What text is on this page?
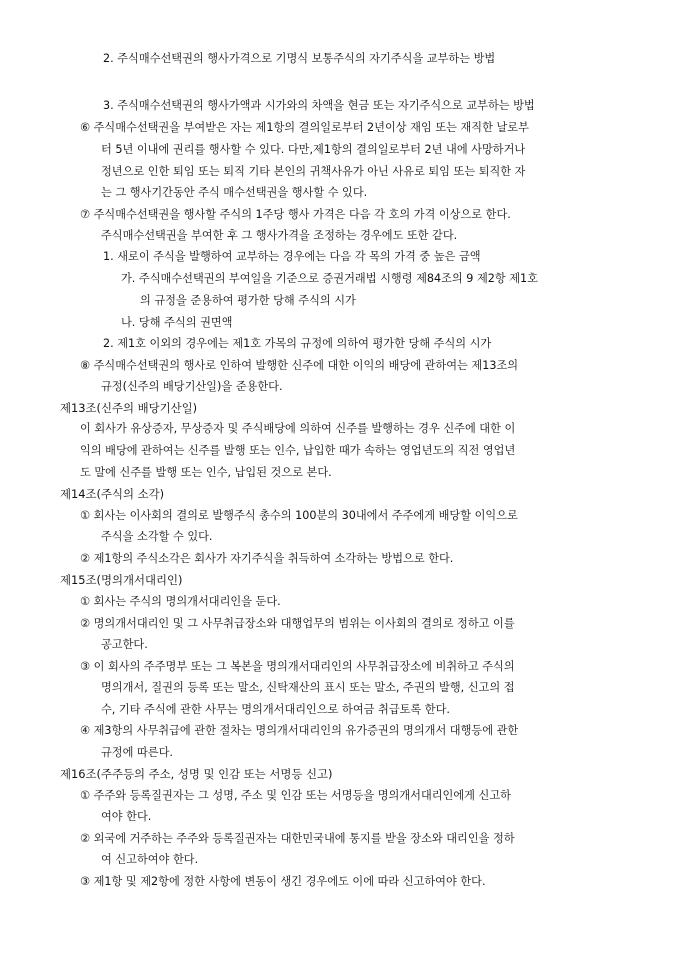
2. 주식매수선택권의 행사가격으로 기명식 보통주식의 자기주식을 교부하는 방법
3. 주식매수선택권의 행사가액과 시가와의 차액을 현금 또는 자기주식으로 교부하는 방법
⑥ 주식매수선택권을 부여받은 자는 제1항의 결의일로부터 2년이상 재임 또는 재직한 날로부
터 5년 이내에 권리를 행사할 수 있다. 다만,제1항의 결의일로부터 2년 내에 사망하거나
정년으로 인한 퇴임 또는 퇴직 기타 본인의 귀책사유가 아닌 사유로 퇴임 또는 퇴직한 자
는 그 행사기간동안 주식 매수선택권을 행사할 수 있다.
⑦ 주식매수선택권을 행사할 주식의 1주당 행사 가격은 다음 각 호의 가격 이상으로 한다.
주식매수선택권을 부여한 후 그 행사가격을 조정하는 경우에도 또한 같다.
1. 새로이 주식을 발행하여 교부하는 경우에는 다음 각 목의 가격 중 높은 금액
가. 주식매수선택권의 부여일을 기준으로 증권거래법 시행령 제84조의 9 제2항 제1호
의 규정을 준용하여 평가한 당해 주식의 시가
나. 당해 주식의 권면액
2. 제1호 이외의 경우에는 제1호 가목의 규정에 의하여 평가한 당해 주식의 시가
⑧ 주식매수선택권의 행사로 인하여 발행한 신주에 대한 이익의 배당에 관하여는 제13조의
규정(신주의 배당기산일)을 준용한다.
제13조(신주의 배당기산일)
이 회사가 유상증자, 무상증자 및 주식배당에 의하여 신주를 발행하는 경우 신주에 대한 이
익의 배당에 관하여는 신주를 발행 또는 인수, 납입한 때가 속하는 영업년도의 직전 영업년
도 말에 신주를 발행 또는 인수, 납입된 것으로 본다.
제14조(주식의 소각)
① 회사는 이사회의 결의로 발행주식 총수의 100분의 30내에서 주주에게 배당할 이익으로
주식을 소각할 수 있다.
② 제1항의 주식소각은 회사가 자기주식을 취득하여 소각하는 방법으로 한다.
제15조(명의개서대리인)
① 회사는 주식의 명의개서대리인을 둔다.
② 명의개서대리인 및 그 사무취급장소와 대행업무의 범위는 이사회의 결의로 정하고 이를
공고한다.
③ 이 회사의 주주명부 또는 그 복본을 명의개서대리인의 사무취급장소에 비취하고 주식의
명의개서, 질권의 등록 또는 말소, 신탁재산의 표시 또는 말소, 주권의 발행, 신고의 접
수, 기타 주식에 관한 사무는 명의개서대리인으로 하여금 취급토록 한다.
④ 제3항의 사무취급에 관한 절차는 명의개서대리인의 유가증권의 명의개서 대행등에 관한
규정에 따른다.
제16조(주주등의 주소, 성명 및 인감 또는 서명등 신고)
① 주주와 등록질권자는 그 성명, 주소 및 인감 또는 서명등을 명의개서대리인에게 신고하
여야 한다.
② 외국에 거주하는 주주와 등록질권자는 대한민국내에 통지를 받을 장소와 대리인을 정하
여 신고하여야 한다.
③ 제1항 및 제2항에 정한 사항에 변동이 생긴 경우에도 이에 따라 신고하여야 한다.
